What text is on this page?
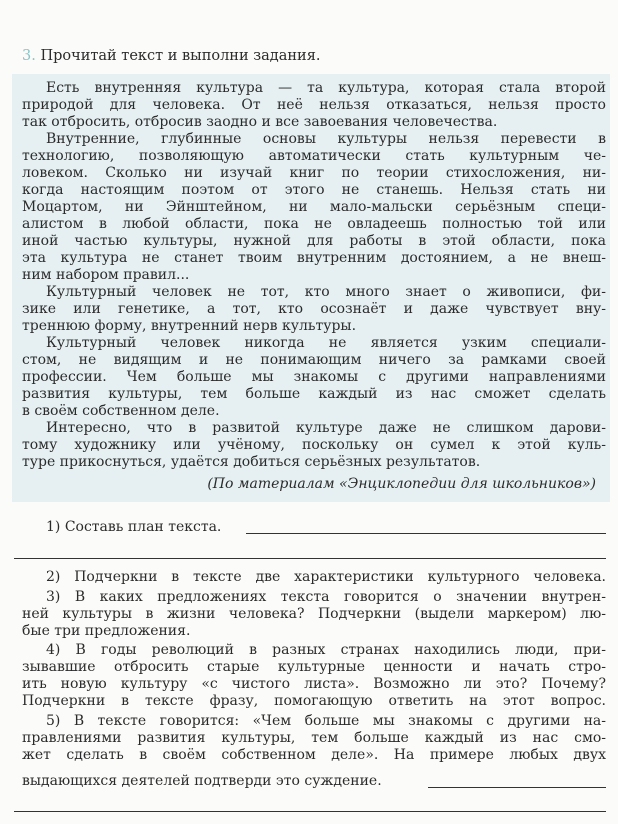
3. Прочитай текст и выполни задания.
Есть внутренняя культура — та культура, которая стала второй
природой для человека. От неё нельзя отказаться, нельзя просто
так отбросить, отбросив заодно и все завоевания человечества.
Внутренние, глубинные основы культуры нельзя перевести в
технологию, позволяющую автоматически стать культурным че-
ловеком. Сколько ни изучай книг по теории стихосложения, ни-
когда настоящим поэтом от этого не станешь. Нельзя стать ни
Моцартом, ни Эйнштейном, ни мало-мальски серьёзным специ-
алистом в любой области, пока не овладеешь полностью той или
иной частью культуры, нужной для работы в этой области, пока
эта культура не станет твоим внутренним достоянием, а не внеш-
ним набором правил...
Культурный человек не тот, кто много знает о живописи, фи-
зике или генетике, а тот, кто осознаёт и даже чувствует вну-
треннюю форму, внутренний нерв культуры.
Культурный человек никогда не является узким специали-
стом, не видящим и не понимающим ничего за рамками своей
профессии. Чем больше мы знакомы с другими направлениями
развития культуры, тем больше каждый из нас сможет сделать
в своём собственном деле.
Интересно, что в развитой культуре даже не слишком дарови-
тому художнику или учёному, поскольку он сумел к этой куль-
туре прикоснуться, удаётся добиться серьёзных результатов.
(По материалам «Энциклопедии для школьников»)
1) Составь план текста.
2) Подчеркни в тексте две характеристики культурного человека.
3) В каких предложениях текста говорится о значении внутрен-
ней культуры в жизни человека? Подчеркни (выдели маркером) лю-
бые три предложения.
4) В годы революций в разных странах находились люди, при-
зывавшие отбросить старые культурные ценности и начать стро-
ить новую культуру «с чистого листа». Возможно ли это? Почему?
Подчеркни в тексте фразу, помогающую ответить на этот вопрос.
5) В тексте говорится: «Чем больше мы знакомы с другими на-
правлениями развития культуры, тем больше каждый из нас смо-
жет сделать в своём собственном деле». На примере любых двух
выдающихся деятелей подтверди это суждение.
